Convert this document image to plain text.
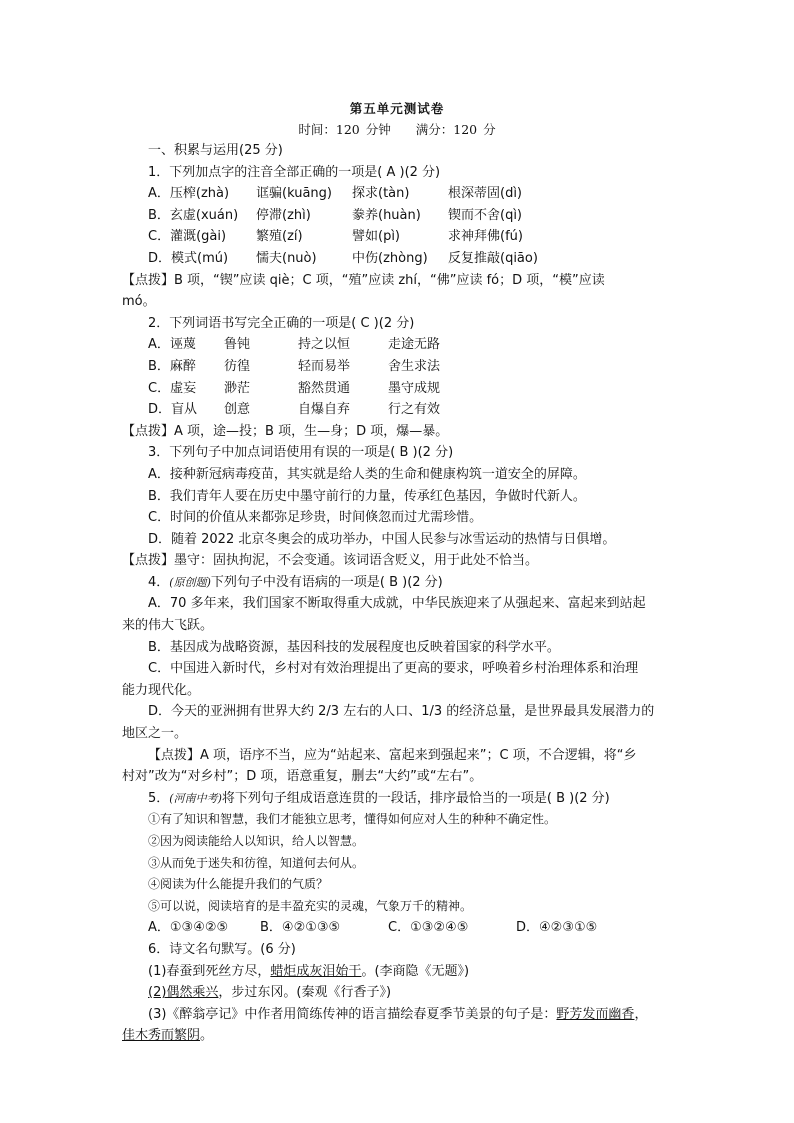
第五单元测试卷
时间：120 分钟　　满分：120 分
一、积累与运用(25 分)
1．下列加点字的注音全部正确的一项是( A )(2 分)
A．压榨(zhà) 诓骗(kuāng) 探求(tàn)	根深蒂固(dì)
B．玄虚(xuán) 停滞(zhì)	豢养(huàn) 锲而不舍(qì)
C．灌溉(gài) 繁殖(zí)	譬如(pì)	求神拜佛(fú)
D．模式(mú) 懦夫(nuò)	中伤(zhòng) 反复推敲(qiāo)
【点拨】B 项，“锲”应读 qiè；C 项，“殖”应读 zhí，“佛”应读 fó；D 项，“模”应读
mó。
2．下列词语书写完全正确的一项是( C )(2 分)
A．诬蔑 鲁钝	持之以恒	走途无路
B．麻醉 彷徨	轻而易举	舍生求法
C．虚妄 渺茫	豁然贯通	墨守成规
D．盲从 创意	自爆自弃	行之有效
【点拨】A 项，途—投；B 项，生—身；D 项，爆—暴。
3．下列句子中加点词语使用有误的一项是( B )(2 分)
A．接种新冠病毒疫苗，其实就是给人类的生命和健康构筑一道安全的屏障。
B．我们青年人要在历史中墨守前行的力量，传承红色基因，争做时代新人。
C．时间的价值从来都弥足珍贵，时间倏忽而过尤需珍惜。
D．随着 2022 北京冬奥会的成功举办，中国人民参与冰雪运动的热情与日俱增。
【点拨】墨守：固执拘泥，不会变通。该词语含贬义，用于此处不恰当。
4．(原创题)下列句子中没有语病的一项是( B )(2 分)
A．70 多年来，我们国家不断取得重大成就，中华民族迎来了从强起来、富起来到站起
来的伟大飞跃。
B．基因成为战略资源，基因科技的发展程度也反映着国家的科学水平。
C．中国进入新时代，乡村对有效治理提出了更高的要求，呼唤着乡村治理体系和治理
能力现代化。
D．今天的亚洲拥有世界大约 2/3 左右的人口、1/3 的经济总量，是世界最具发展潜力的
地区之一。
【点拨】A 项，语序不当，应为“站起来、富起来到强起来”；C 项，不合逻辑，将“乡
村对”改为“对乡村”；D 项，语意重复，删去“大约”或“左右”。
5．(河南中考)将下列句子组成语意连贯的一段话，排序最恰当的一项是( B )(2 分)
①有了知识和智慧，我们才能独立思考，懂得如何应对人生的种种不确定性。
②因为阅读能给人以知识，给人以智慧。
③从而免于迷失和彷徨，知道何去何从。
④阅读为什么能提升我们的气质？
⑤可以说，阅读培育的是丰盈充实的灵魂，气象万千的精神。
A．①③④②⑤ B．④②①③⑤	C．①③②④⑤	D．④②③①⑤
6．诗文名句默写。(6 分)
(1)春蚕到死丝方尽，蜡炬成灰泪始干。(李商隐《无题》)
(2)偶然乘兴，步过东冈。(秦观《行香子》)
(3)《醉翁亭记》中作者用简练传神的语言描绘春夏季节美景的句子是：野芳发而幽香，
佳木秀而繁阴。
